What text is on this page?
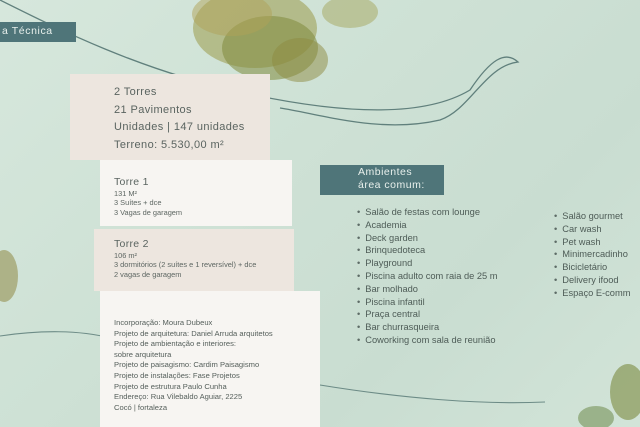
a Técnica
2 Torres
21 Pavimentos
Unidades | 147 unidades
Terreno: 5.530,00 m²
Torre 1
131 M²
3 Suítes + dce
3 Vagas de garagem
Torre 2
106 m²
3 dormitórios (2 suítes e 1 reversível) + dce
2 vagas de garagem
Incorporação: Moura Dubeux
Projeto de arquitetura: Daniel Arruda arquitetos
Projeto de ambientação e interiores:
sobre arquitetura
Projeto de paisagismo: Cardim Paisagismo
Projeto de instalações: Fase Projetos
Projeto de estrutura Paulo Cunha
Endereço: Rua Vilebaldo Aguiar, 2225
Cocó | fortaleza
Ambientes
área comum:
• Salão de festas com lounge
• Academia
• Deck garden
• Brinquedoteca
• Playground
• Piscina adulto com raia de 25 m
• Bar molhado
• Piscina infantil
• Praça central
• Bar churrasqueira
• Coworking com sala de reunião
• Salão gourmet
• Car wash
• Pet wash
• Minimercadinho
• Bicicletário
• Delivery ifood
• Espaço E-comm
